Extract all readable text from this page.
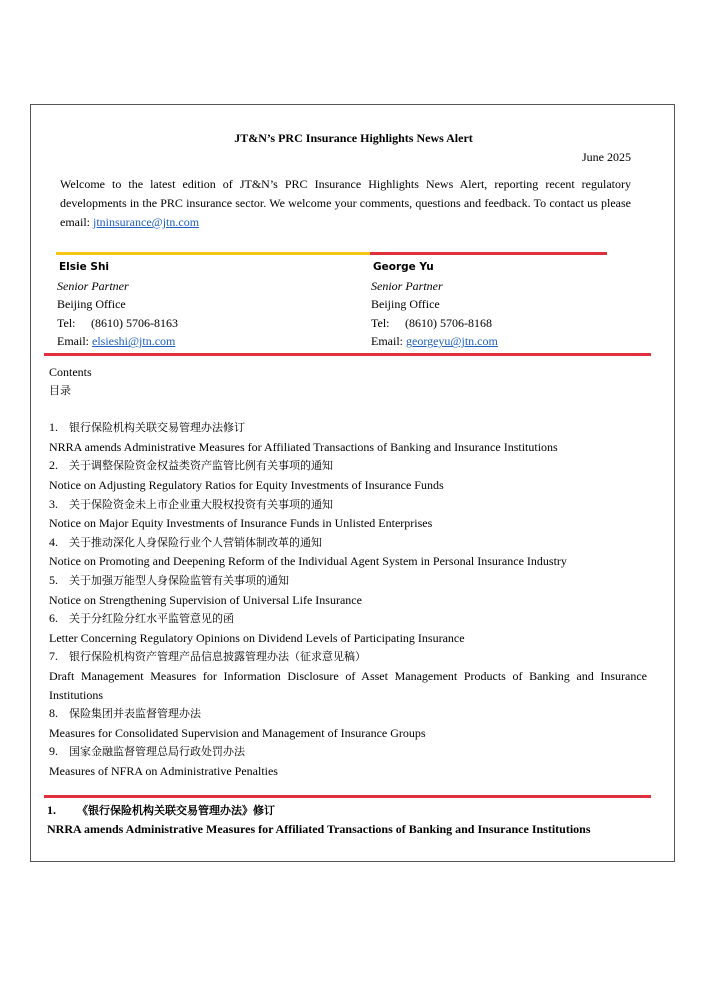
JT&N’s PRC Insurance Highlights News Alert
June 2025
Welcome to the latest edition of JT&N’s PRC Insurance Highlights News Alert, reporting recent regulatory developments in the PRC insurance sector. We welcome your comments, questions and feedback. To contact us please email: jtninsurance@jtn.com
Elsie Shi
Senior Partner
Beijing Office
Tel: (8610) 5706-8163
Email: elsieshi@jtn.com
George Yu
Senior Partner
Beijing Office
Tel: (8610) 5706-8168
Email: georgeyu@jtn.com
Contents
目录
1. 银行保险机构关联交易管理办法修订
NRRA amends Administrative Measures for Affiliated Transactions of Banking and Insurance Institutions
2. 关于调整保险资金权益类资产监管比例有关事项的通知
Notice on Adjusting Regulatory Ratios for Equity Investments of Insurance Funds
3. 关于保险资金未上市企业重大股权投资有关事项的通知
Notice on Major Equity Investments of Insurance Funds in Unlisted Enterprises
4. 关于推动深化人身保险行业个人营销体制改革的通知
Notice on Promoting and Deepening Reform of the Individual Agent System in Personal Insurance Industry
5. 关于加强万能型人身保险监管有关事项的通知
Notice on Strengthening Supervision of Universal Life Insurance
6. 关于分红险分红水平监管意见的函
Letter Concerning Regulatory Opinions on Dividend Levels of Participating Insurance
7. 银行保险机构资产管理产品信息披露管理办法（征求意见稿）
Draft Management Measures for Information Disclosure of Asset Management Products of Banking and Insurance Institutions
8. 保险集团并表监督管理办法
Measures for Consolidated Supervision and Management of Insurance Groups
9. 国家金融监督管理总局行政处罚办法
Measures of NFRA on Administrative Penalties
1. 《银行保险机构关联交易管理办法》修订
NRRA amends Administrative Measures for Affiliated Transactions of Banking and Insurance Institutions
